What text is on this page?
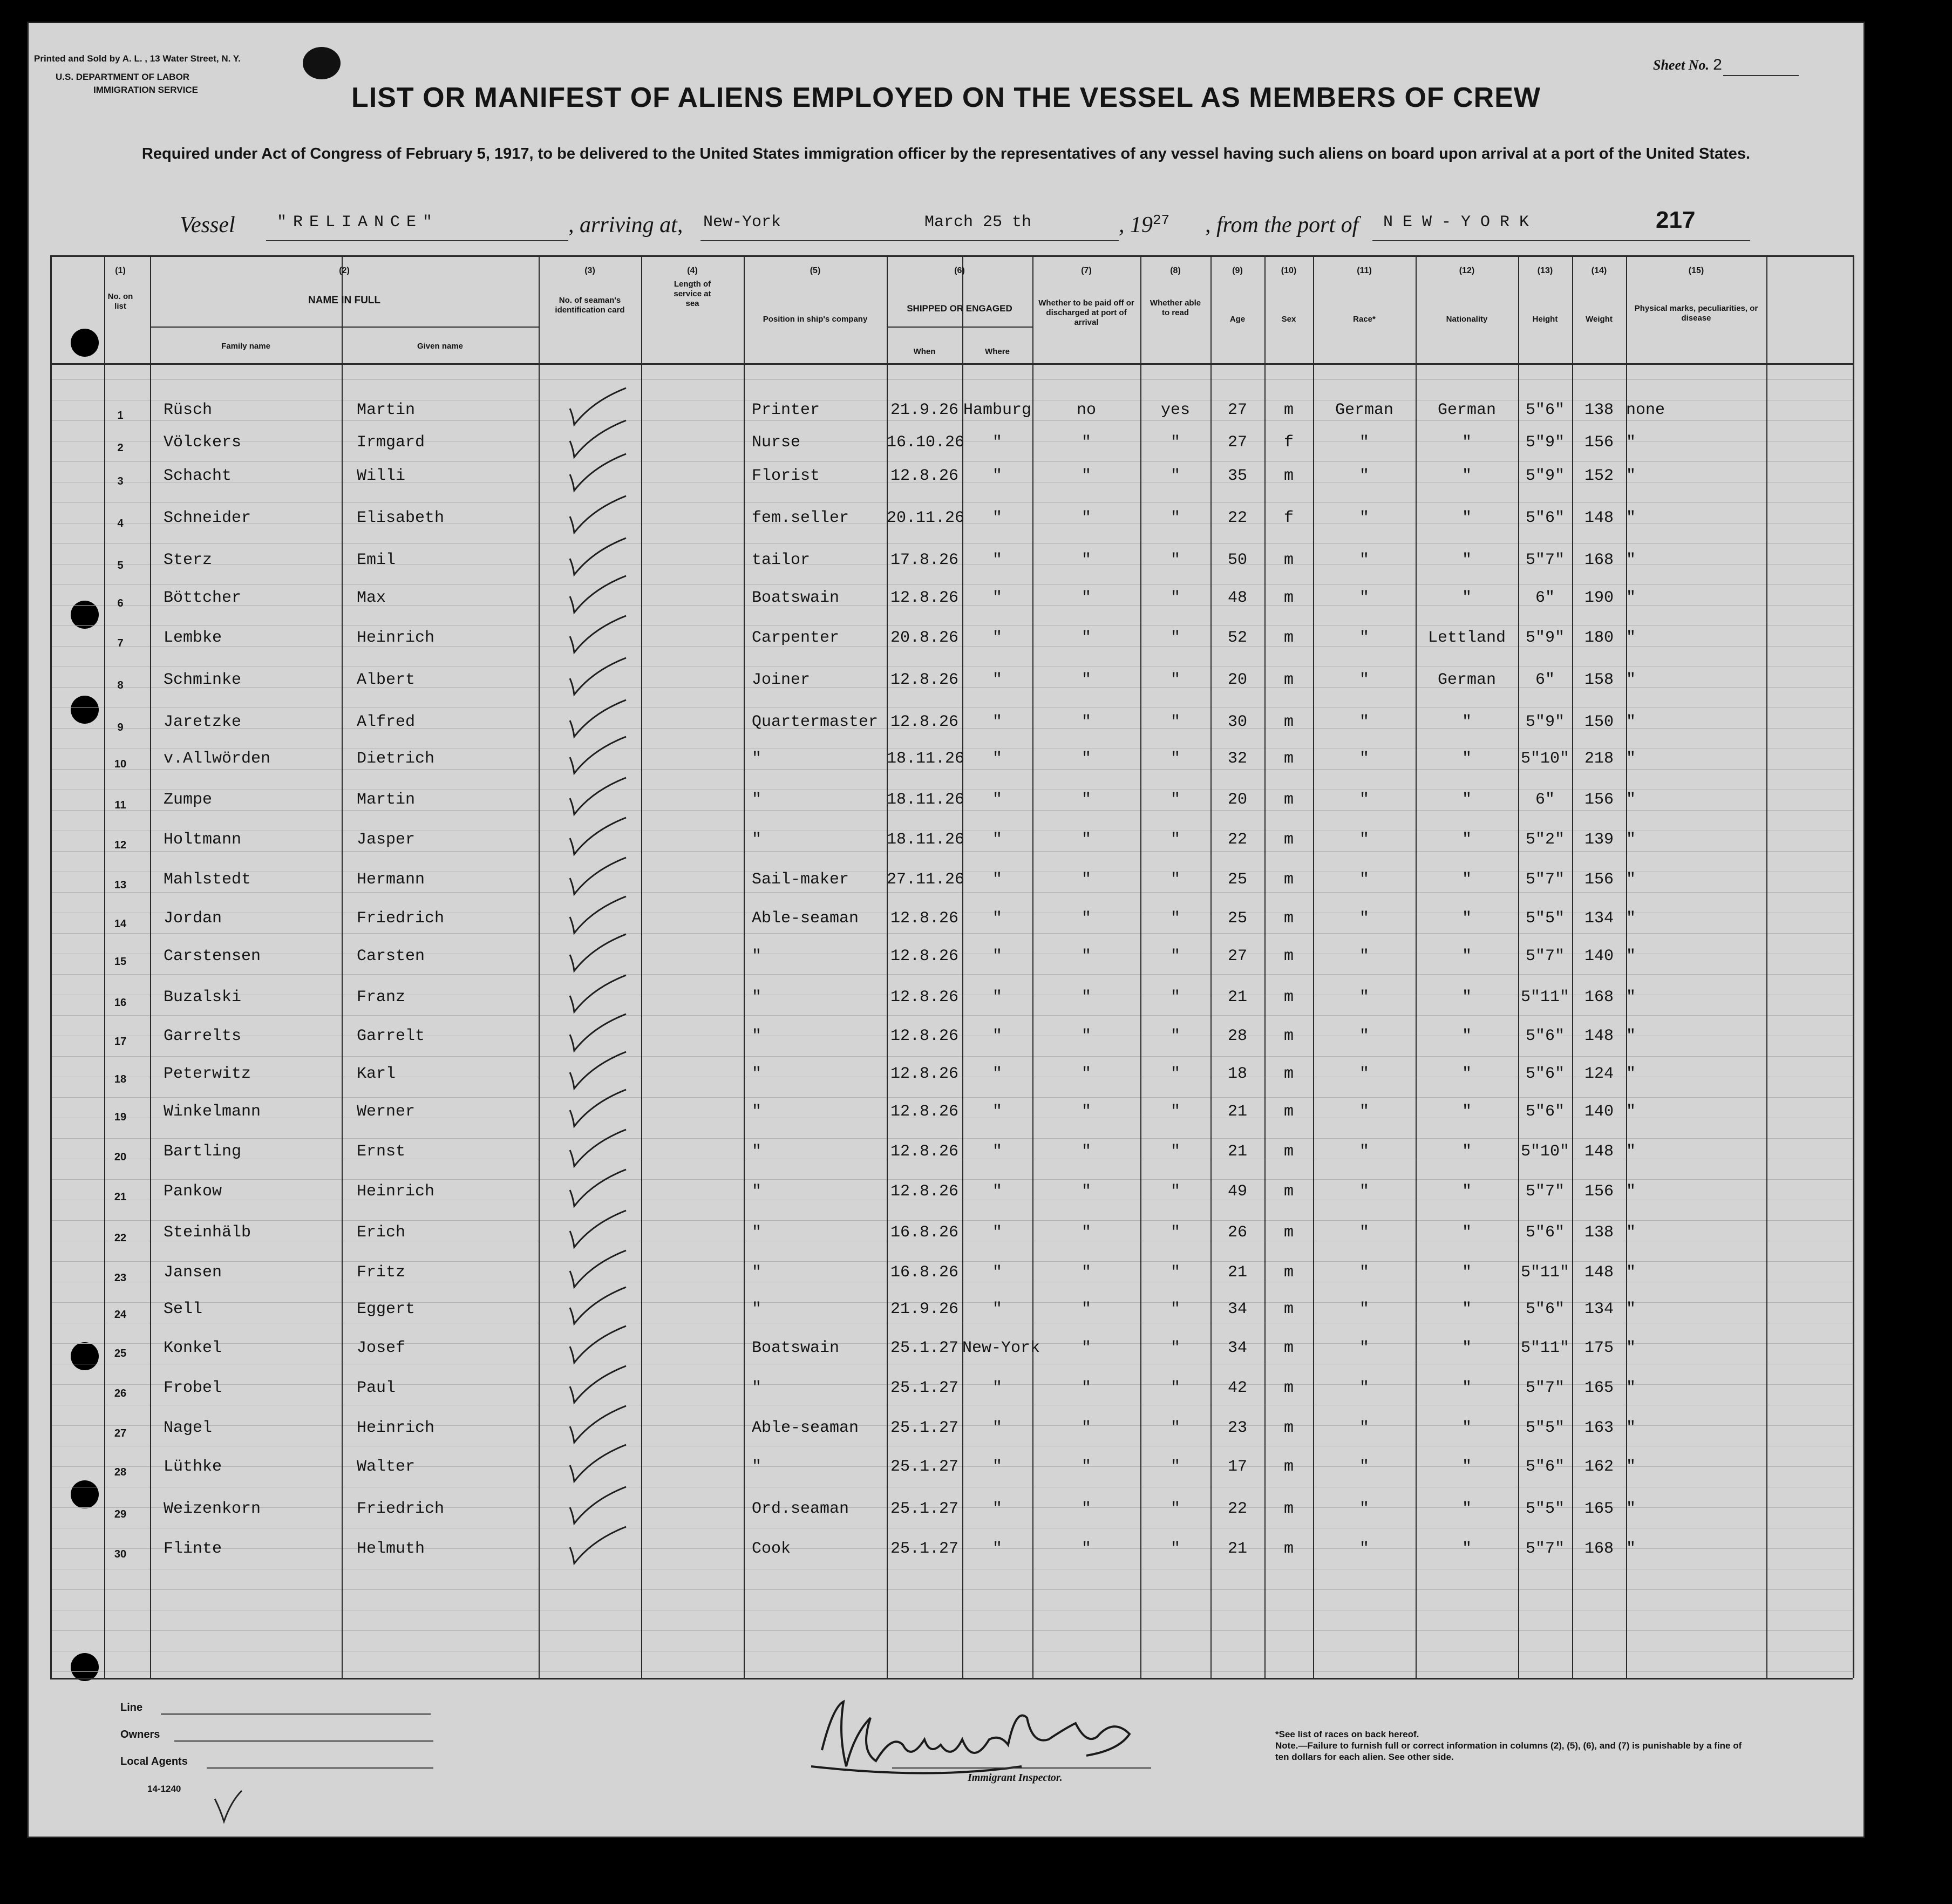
Printed and Sold by A. L. , 13 Water Street, N. Y.
U.S. DEPARTMENT OF LABOR
IMMIGRATION SERVICE
Sheet No. 2
LIST OR MANIFEST OF ALIENS EMPLOYED ON THE VESSEL AS MEMBERS OF CREW
Required under Act of Congress of February 5, 1917, to be delivered to the United States immigration officer by the representatives of any vessel having such aliens on board upon arrival at a port of the United States.
Vessel	"RELIANCE"	, arriving at, New-York	March 25 th	, $19^{27}$ , from the port of N E W - Y O R K	217
(1)
No. on list
(2)
NAME IN FULL
Family name	Given name
(3)
No. of seaman's identification card
(4)
Length of service at sea
(5)
Position in ship's company
(6)
SHIPPED OR ENGAGED
When	Where
(7)
Whether to be paid off or discharged at port of arrival
(8)
Whether able to read
(9)
Age
(10)
Sex
(11)
Race*
(12)
Nationality
(13)
Height
(14)
Weight
(15)
Physical marks, peculiarities, or disease
1	Rüsch	Martin	Printer	21.9.26 Hamburg	no	yes	27	m	German	German	5"6"	138 none
2	Völckers	Irmgard	Nurse	16.10.26	"	"	"	27	f	"	"	5"9"	156 "
3	Schacht	Willi	Florist	12.8.26	"	"	"	35	m	"	"	5"9"	152 "
4	Schneider	Elisabeth	fem.seller 20.11.26	"	"	"	22	f	"	"	5"6"	148 "
5	Sterz	Emil	tailor	17.8.26	"	"	"	50	m	"	"	5"7"	168 "
6	Böttcher	Max	Boatswain	12.8.26	"	"	"	48	m	"	"	6"	190 "
7	Lembke	Heinrich	Carpenter	20.8.26	"	"	"	52	m	"	Lettland	5"9"	180 "
8	Schminke	Albert	Joiner	12.8.26	"	"	"	20	m	"	German	6"	158 "
9	Jaretzke	Alfred	Quartermaster 12.8.26	"	"	"	30	m	"	"	5"9"	150 "
10	v.Allwörden	Dietrich	"	18.11.26	"	"	"	32	m	"	"	5"10" 218 "
11	Zumpe	Martin	"	18.11.26	"	"	"	20	m	"	"	6"	156 "
12	Holtmann	Jasper	"	18.11.26	"	"	"	22	m	"	"	5"2"	139 "
13	Mahlstedt	Hermann	Sail-maker 27.11.26	"	"	"	25	m	"	"	5"7"	156 "
14	Jordan	Friedrich	Able-seaman 12.8.26	"	"	"	25	m	"	"	5"5"	134 "
15	Carstensen	Carsten	"	12.8.26	"	"	"	27	m	"	"	5"7"	140 "
16	Buzalski	Franz	"	12.8.26	"	"	"	21	m	"	"	5"11" 168 "
17	Garrelts	Garrelt	"	12.8.26	"	"	"	28	m	"	"	5"6"	148 "
18	Peterwitz	Karl	"	12.8.26	"	"	"	18	m	"	"	5"6"	124 "
19	Winkelmann	Werner	"	12.8.26	"	"	"	21	m	"	"	5"6"	140 "
20	Bartling	Ernst	"	12.8.26	"	"	"	21	m	"	"	5"10" 148 "
21	Pankow	Heinrich	"	12.8.26	"	"	"	49	m	"	"	5"7"	156 "
22	Steinhälb	Erich	"	16.8.26	"	"	"	26	m	"	"	5"6"	138 "
23	Jansen	Fritz	"	16.8.26	"	"	"	21	m	"	"	5"11" 148 "
24	Sell	Eggert	"	21.9.26	"	"	"	34	m	"	"	5"6"	134 "
25	Konkel	Josef	Boatswain	25.1.27 New-York	"	"	34	m	"	"	5"11" 175 "
26	Frobel	Paul	"	25.1.27	"	"	"	42	m	"	"	5"7"	165 "
27	Nagel	Heinrich	Able-seaman 25.1.27	"	"	"	23	m	"	"	5"5"	163 "
28	Lüthke	Walter	"	25.1.27	"	"	"	17	m	"	"	5"6"	162 "
29	Weizenkorn	Friedrich	Ord.seaman	25.1.27	"	"	"	22	m	"	"	5"5"	165 "
30	Flinte	Helmuth	Cook	25.1.27	"	"	"	21	m	"	"	5"7"	168 "
Line
Owners
Local Agents
14-1240
Immigrant Inspector.
*See list of races on back hereof.
Note.—Failure to furnish full or correct information in columns (2), (5), (6), and (7) is punishable by a fine of ten dollars for each alien. See other side.
